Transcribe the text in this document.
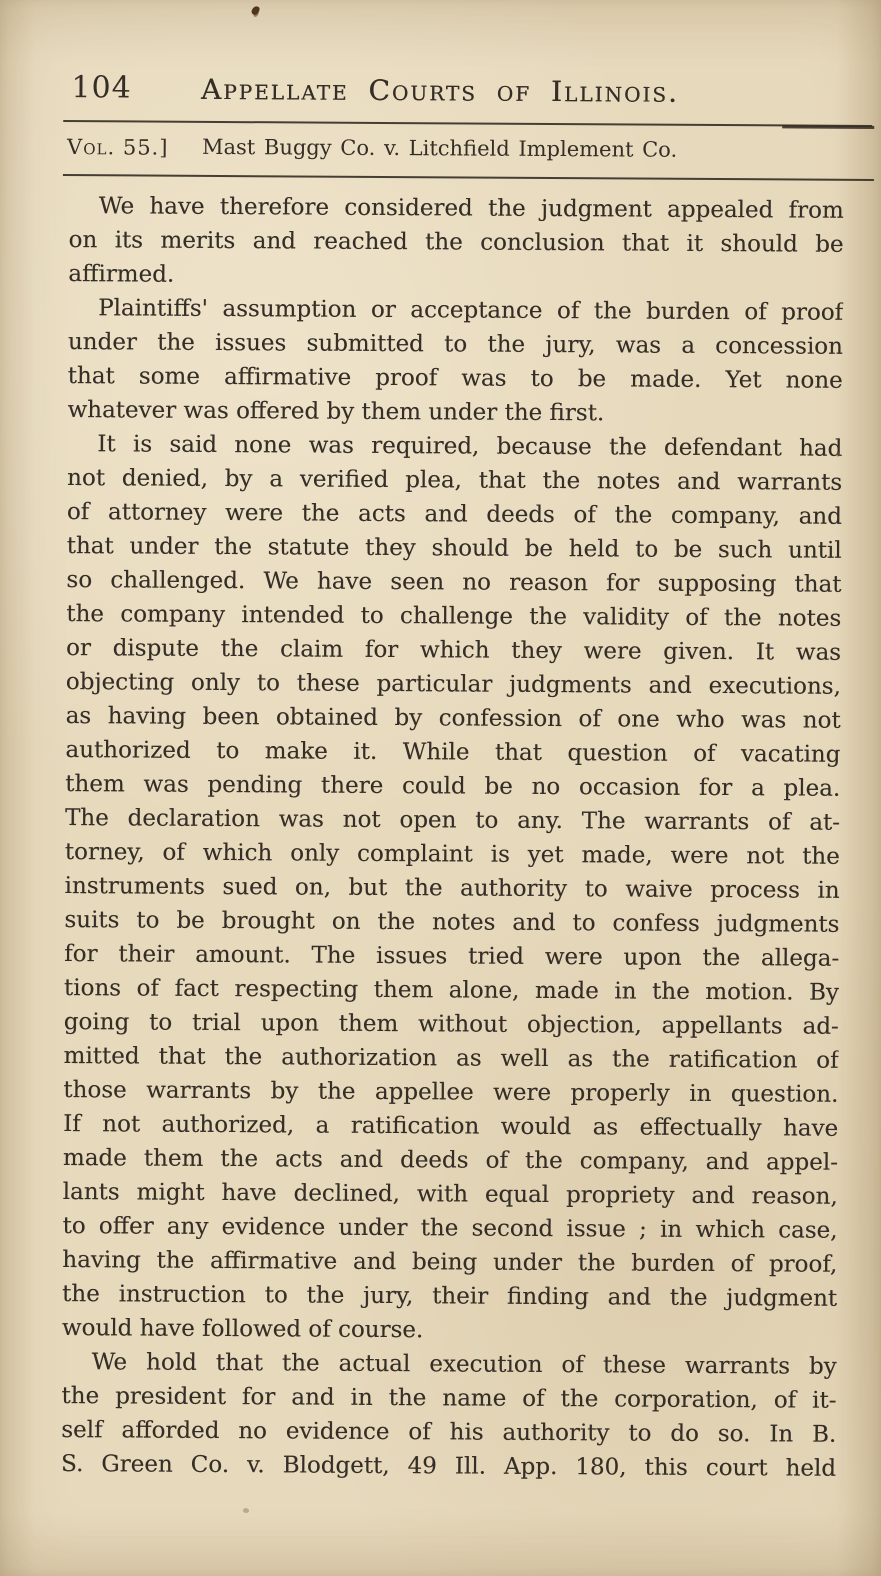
104	Appellate Courts of Illinois.
Vol. 55.]	Mast Buggy Co. v. Litchfield Implement Co.
We have therefore considered the judgment appealed from
on its merits and reached the conclusion that it should be
affirmed.
Plaintiffs' assumption or acceptance of the burden of proof
under the issues submitted to the jury, was a concession
that some affirmative proof was to be made. Yet none
whatever was offered by them under the first.
It is said none was required, because the defendant had
not denied, by a verified plea, that the notes and warrants
of attorney were the acts and deeds of the company, and
that under the statute they should be held to be such until
so challenged. We have seen no reason for supposing that
the company intended to challenge the validity of the notes
or dispute the claim for which they were given. It was
objecting only to these particular judgments and executions,
as having been obtained by confession of one who was not
authorized to make it. While that question of vacating
them was pending there could be no occasion for a plea.
The declaration was not open to any. The warrants of at-
torney, of which only complaint is yet made, were not the
instruments sued on, but the authority to waive process in
suits to be brought on the notes and to confess judgments
for their amount. The issues tried were upon the allega-
tions of fact respecting them alone, made in the motion. By
going to trial upon them without objection, appellants ad-
mitted that the authorization as well as the ratification of
those warrants by the appellee were properly in question.
If not authorized, a ratification would as effectually have
made them the acts and deeds of the company, and appel-
lants might have declined, with equal propriety and reason,
to offer any evidence under the second issue ; in which case,
having the affirmative and being under the burden of proof,
the instruction to the jury, their finding and the judgment
would have followed of course.
We hold that the actual execution of these warrants by
the president for and in the name of the corporation, of it-
self afforded no evidence of his authority to do so. In B.
S. Green Co. v. Blodgett, 49 Ill. App. 180, this court held
